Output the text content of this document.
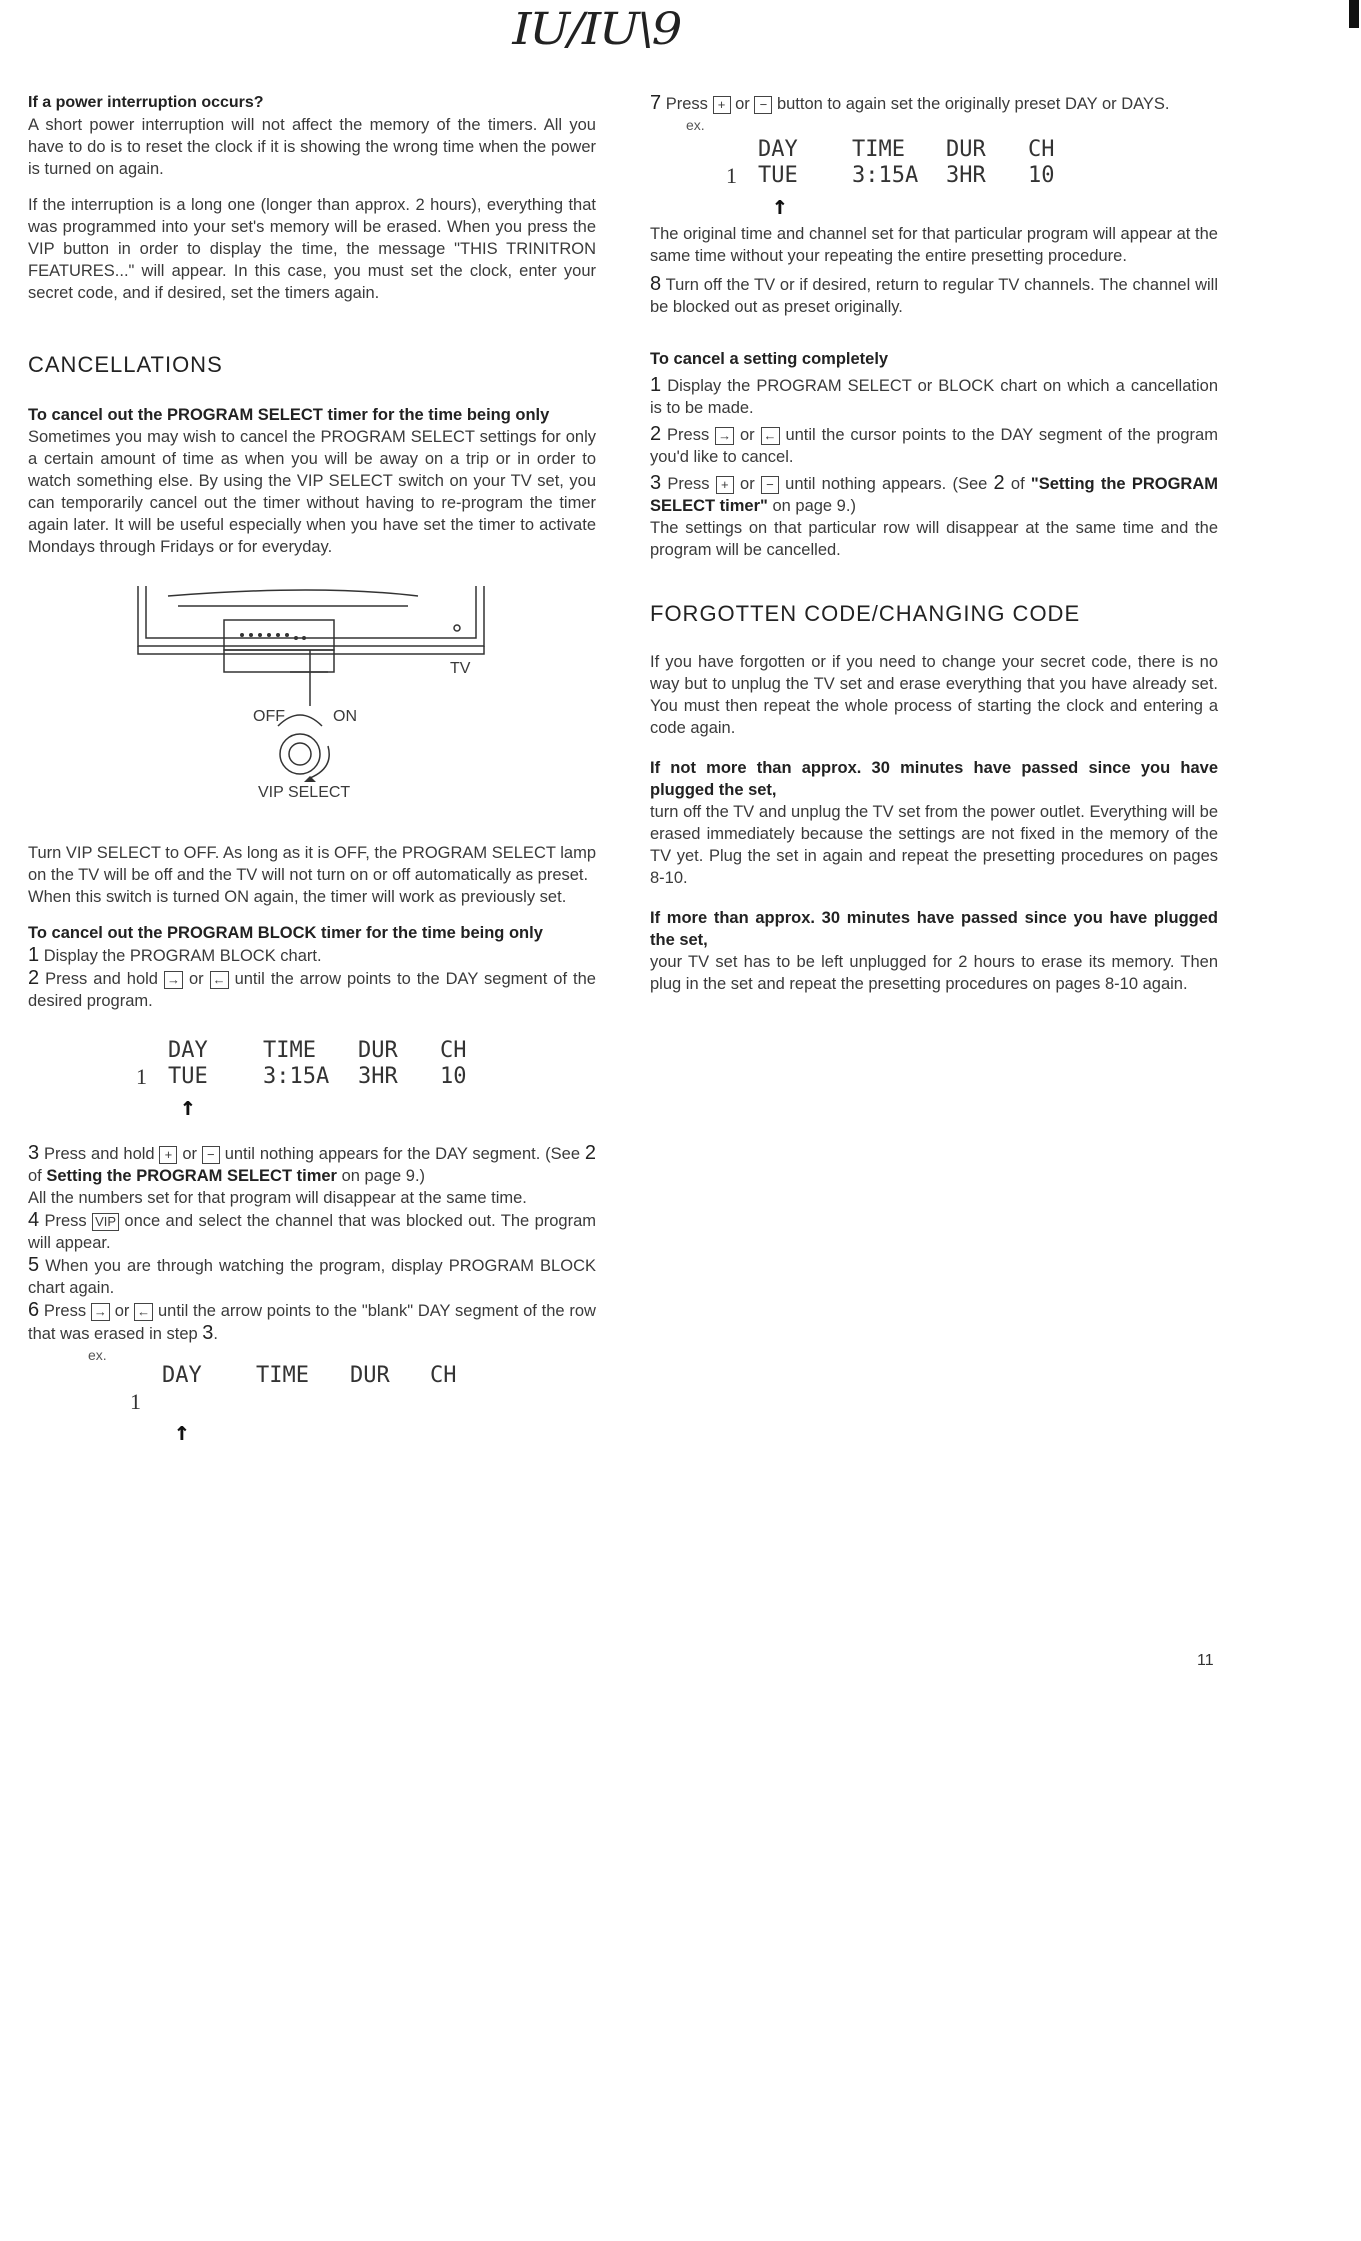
IU/IU\9

If a power interruption occurs?

A short power interruption will not affect the memory of the timers. All you have to do is to reset the clock if it is showing the wrong time when the power is turned on again.

If the interruption is a long one (longer than approx. 2 hours), everything that was programmed into your set's memory will be erased. When you press the VIP button in order to display the time, the message "THIS TRINITRON FEATURES..." will appear. In this case, you must set the clock, enter your secret code, and if desired, set the timers again.

CANCELLATIONS

To cancel out the PROGRAM SELECT timer for the time being only

Sometimes you may wish to cancel the PROGRAM SELECT settings for only a certain amount of time as when you will be away on a trip or in order to watch something else. By using the VIP SELECT switch on your TV set, you can temporarily cancel out the timer without having to re-program the timer again later. It will be useful especially when you have set the timer to activate Mondays through Fridays or for everyday.

TV
OFF	ON
VIP SELECT

Turn VIP SELECT to OFF. As long as it is OFF, the PROGRAM SELECT lamp on the TV will be off and the TV will not turn on or off automatically as preset.

When this switch is turned ON again, the timer will work as previously set.

To cancel out the PROGRAM BLOCK timer for the time being only

1 Display the PROGRAM BLOCK chart.

2 Press and hold → or ← until the arrow points to the DAY segment of the desired program.

DAY	TIME DUR CH
1 TUE	3:15A 3HR 10
↑

3 Press and hold + or − until nothing appears for the DAY segment. (See 2 of Setting the PROGRAM SELECT timer on page 9.)

All the numbers set for that program will disappear at the same time.

4 Press VIP once and select the channel that was blocked out. The program will appear.

5 When you are through watching the program, display PROGRAM BLOCK chart again.

6 Press → or ← until the arrow points to the "blank" DAY segment of the row that was erased in step 3.

ex.
DAY TIME DUR CH
1
↑

7 Press + or − button to again set the originally preset DAY or DAYS.

ex.
DAY TIME DUR CH
1 TUE 3:15A 3HR 10
↑

The original time and channel set for that particular program will appear at the same time without your repeating the entire presetting procedure.

8 Turn off the TV or if desired, return to regular TV channels. The channel will be blocked out as preset originally.

To cancel a setting completely

1 Display the PROGRAM SELECT or BLOCK chart on which a cancellation is to be made.

2 Press → or ← until the cursor points to the DAY segment of the program you'd like to cancel.

3 Press + or − until nothing appears. (See 2 of "Setting the PROGRAM SELECT timer" on page 9.)

The settings on that particular row will disappear at the same time and the program will be cancelled.

FORGOTTEN CODE/CHANGING CODE

If you have forgotten or if you need to change your secret code, there is no way but to unplug the TV set and erase everything that you have already set. You must then repeat the whole process of starting the clock and entering a code again.

If not more than approx. 30 minutes have passed since you have plugged the set,

turn off the TV and unplug the TV set from the power outlet. Everything will be erased immediately because the settings are not fixed in the memory of the TV yet. Plug the set in again and repeat the presetting procedures on pages 8-10.

If more than approx. 30 minutes have passed since you have plugged the set,

your TV set has to be left unplugged for 2 hours to erase its memory. Then plug in the set and repeat the presetting procedures on pages 8-10 again.

11
